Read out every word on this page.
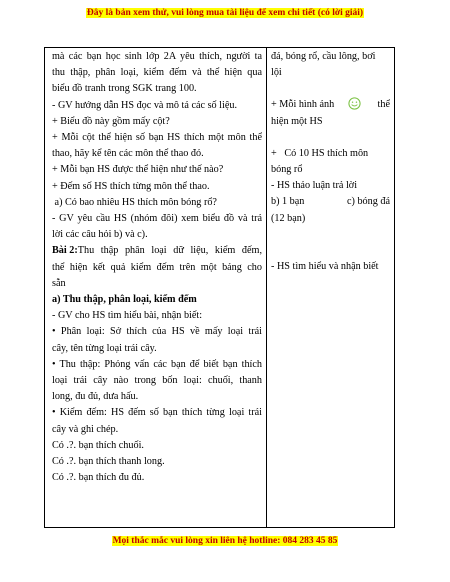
Đây là bản xem thử, vui lòng mua tài liệu để xem chi tiết (có lời giải)
mà các bạn học sinh lớp 2A yêu thích, người ta
thu thập, phân loại, kiểm đếm và thể hiện qua
biểu đồ tranh trong SGK trang 100.
- GV hướng dẫn HS đọc và mô tả các số liệu.
+ Biểu đồ này gồm mấy cột?
+ Mỗi cột thể hiện số bạn HS thích một môn thể
thao, hãy kể tên các môn thể thao đó.
+ Mỗi bạn HS được thể hiện như thế nào?
+ Đếm số HS thích từng môn thể thao.
a) Có bao nhiêu HS thích môn bóng rổ?
- GV yêu cầu HS (nhóm đôi) xem biểu đồ và trả
lời các câu hỏi b) và c).
Bài 2: Thu thập phân loại dữ liệu, kiểm đếm,
thể hiện kết quả kiểm đếm trên một bảng cho
sẵn
a) Thu thập, phân loại, kiểm đếm
- GV cho HS tìm hiểu bài, nhận biết:
• Phân loại: Sở thích của HS về mấy loại trái
cây, tên từng loại trái cây.
• Thu thập: Phỏng vấn các bạn để biết bạn thích
loại trái cây nào trong bốn loại: chuối, thanh
long, đu đủ, dưa hấu.
• Kiểm đếm: HS đếm số bạn thích từng loại trái
cây và ghi chép.
Có .?. bạn thích chuối.
Có .?. bạn thích thanh long.
Có .?. bạn thích đu đủ.
đá, bóng rổ, cầu lông, bơi
lội
+ Mỗi hình ảnh	thể
hiện một HS
+   Có 10 HS thích môn
bóng rổ
- HS thảo luận trả lời
b) 1 bạn	c) bóng đá
(12 bạn)
- HS tìm hiểu và nhận biết
Mọi thắc mắc vui lòng xin liên hệ hotline: 084 283 45 85
